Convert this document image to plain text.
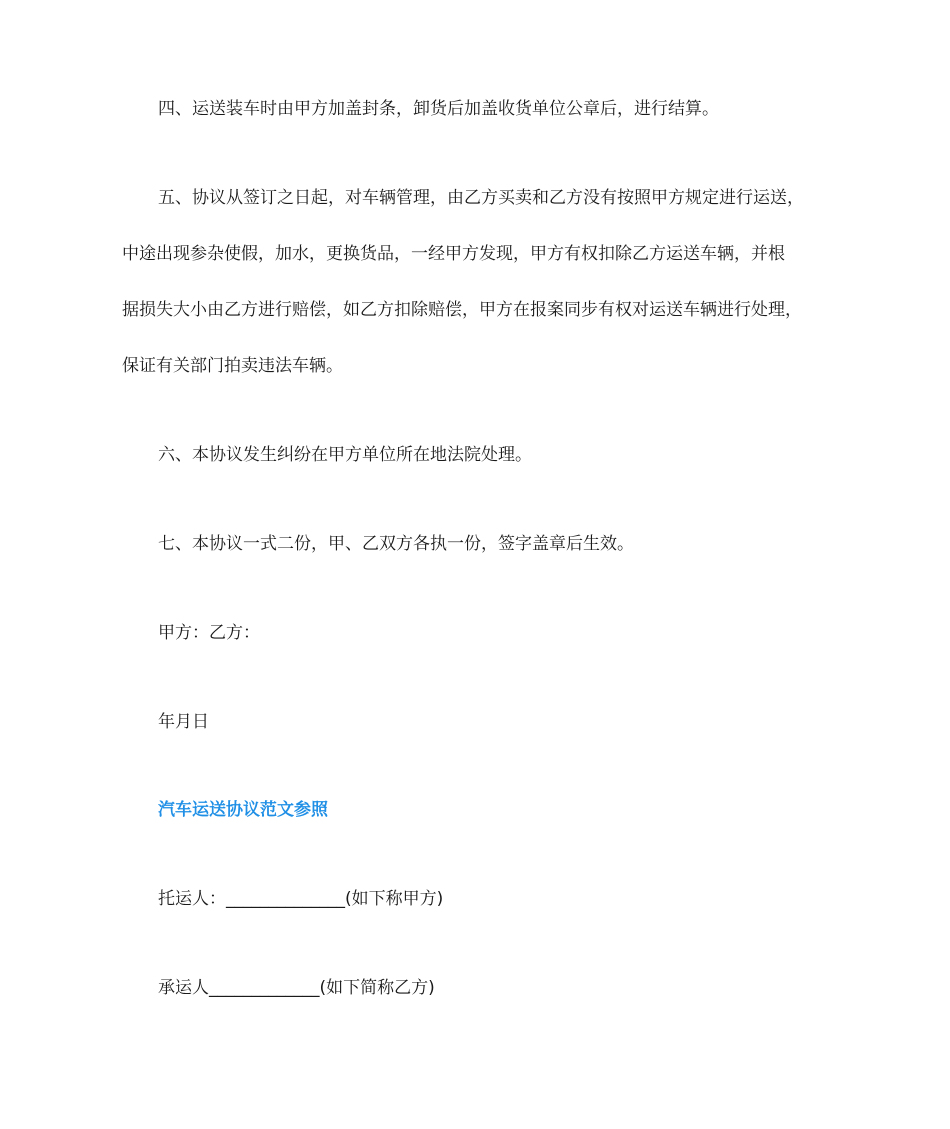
四、运送装车时由甲方加盖封条，卸货后加盖收货单位公章后，进行结算。

五、协议从签订之日起，对车辆管理，由乙方买卖和乙方没有按照甲方规定进行运送，

中途出现参杂使假，加水，更换货品，一经甲方发现，甲方有权扣除乙方运送车辆，并根

据损失大小由乙方进行赔偿，如乙方扣除赔偿，甲方在报案同步有权对运送车辆进行处理，

保证有关部门拍卖违法车辆。

六、本协议发生纠纷在甲方单位所在地法院处理。

七、本协议一式二份，甲、乙双方各执一份，签字盖章后生效。

甲方：乙方：

年月日

汽车运送协议范文参照

托运人：______________(如下称甲方)

承运人_____________(如下简称乙方)
